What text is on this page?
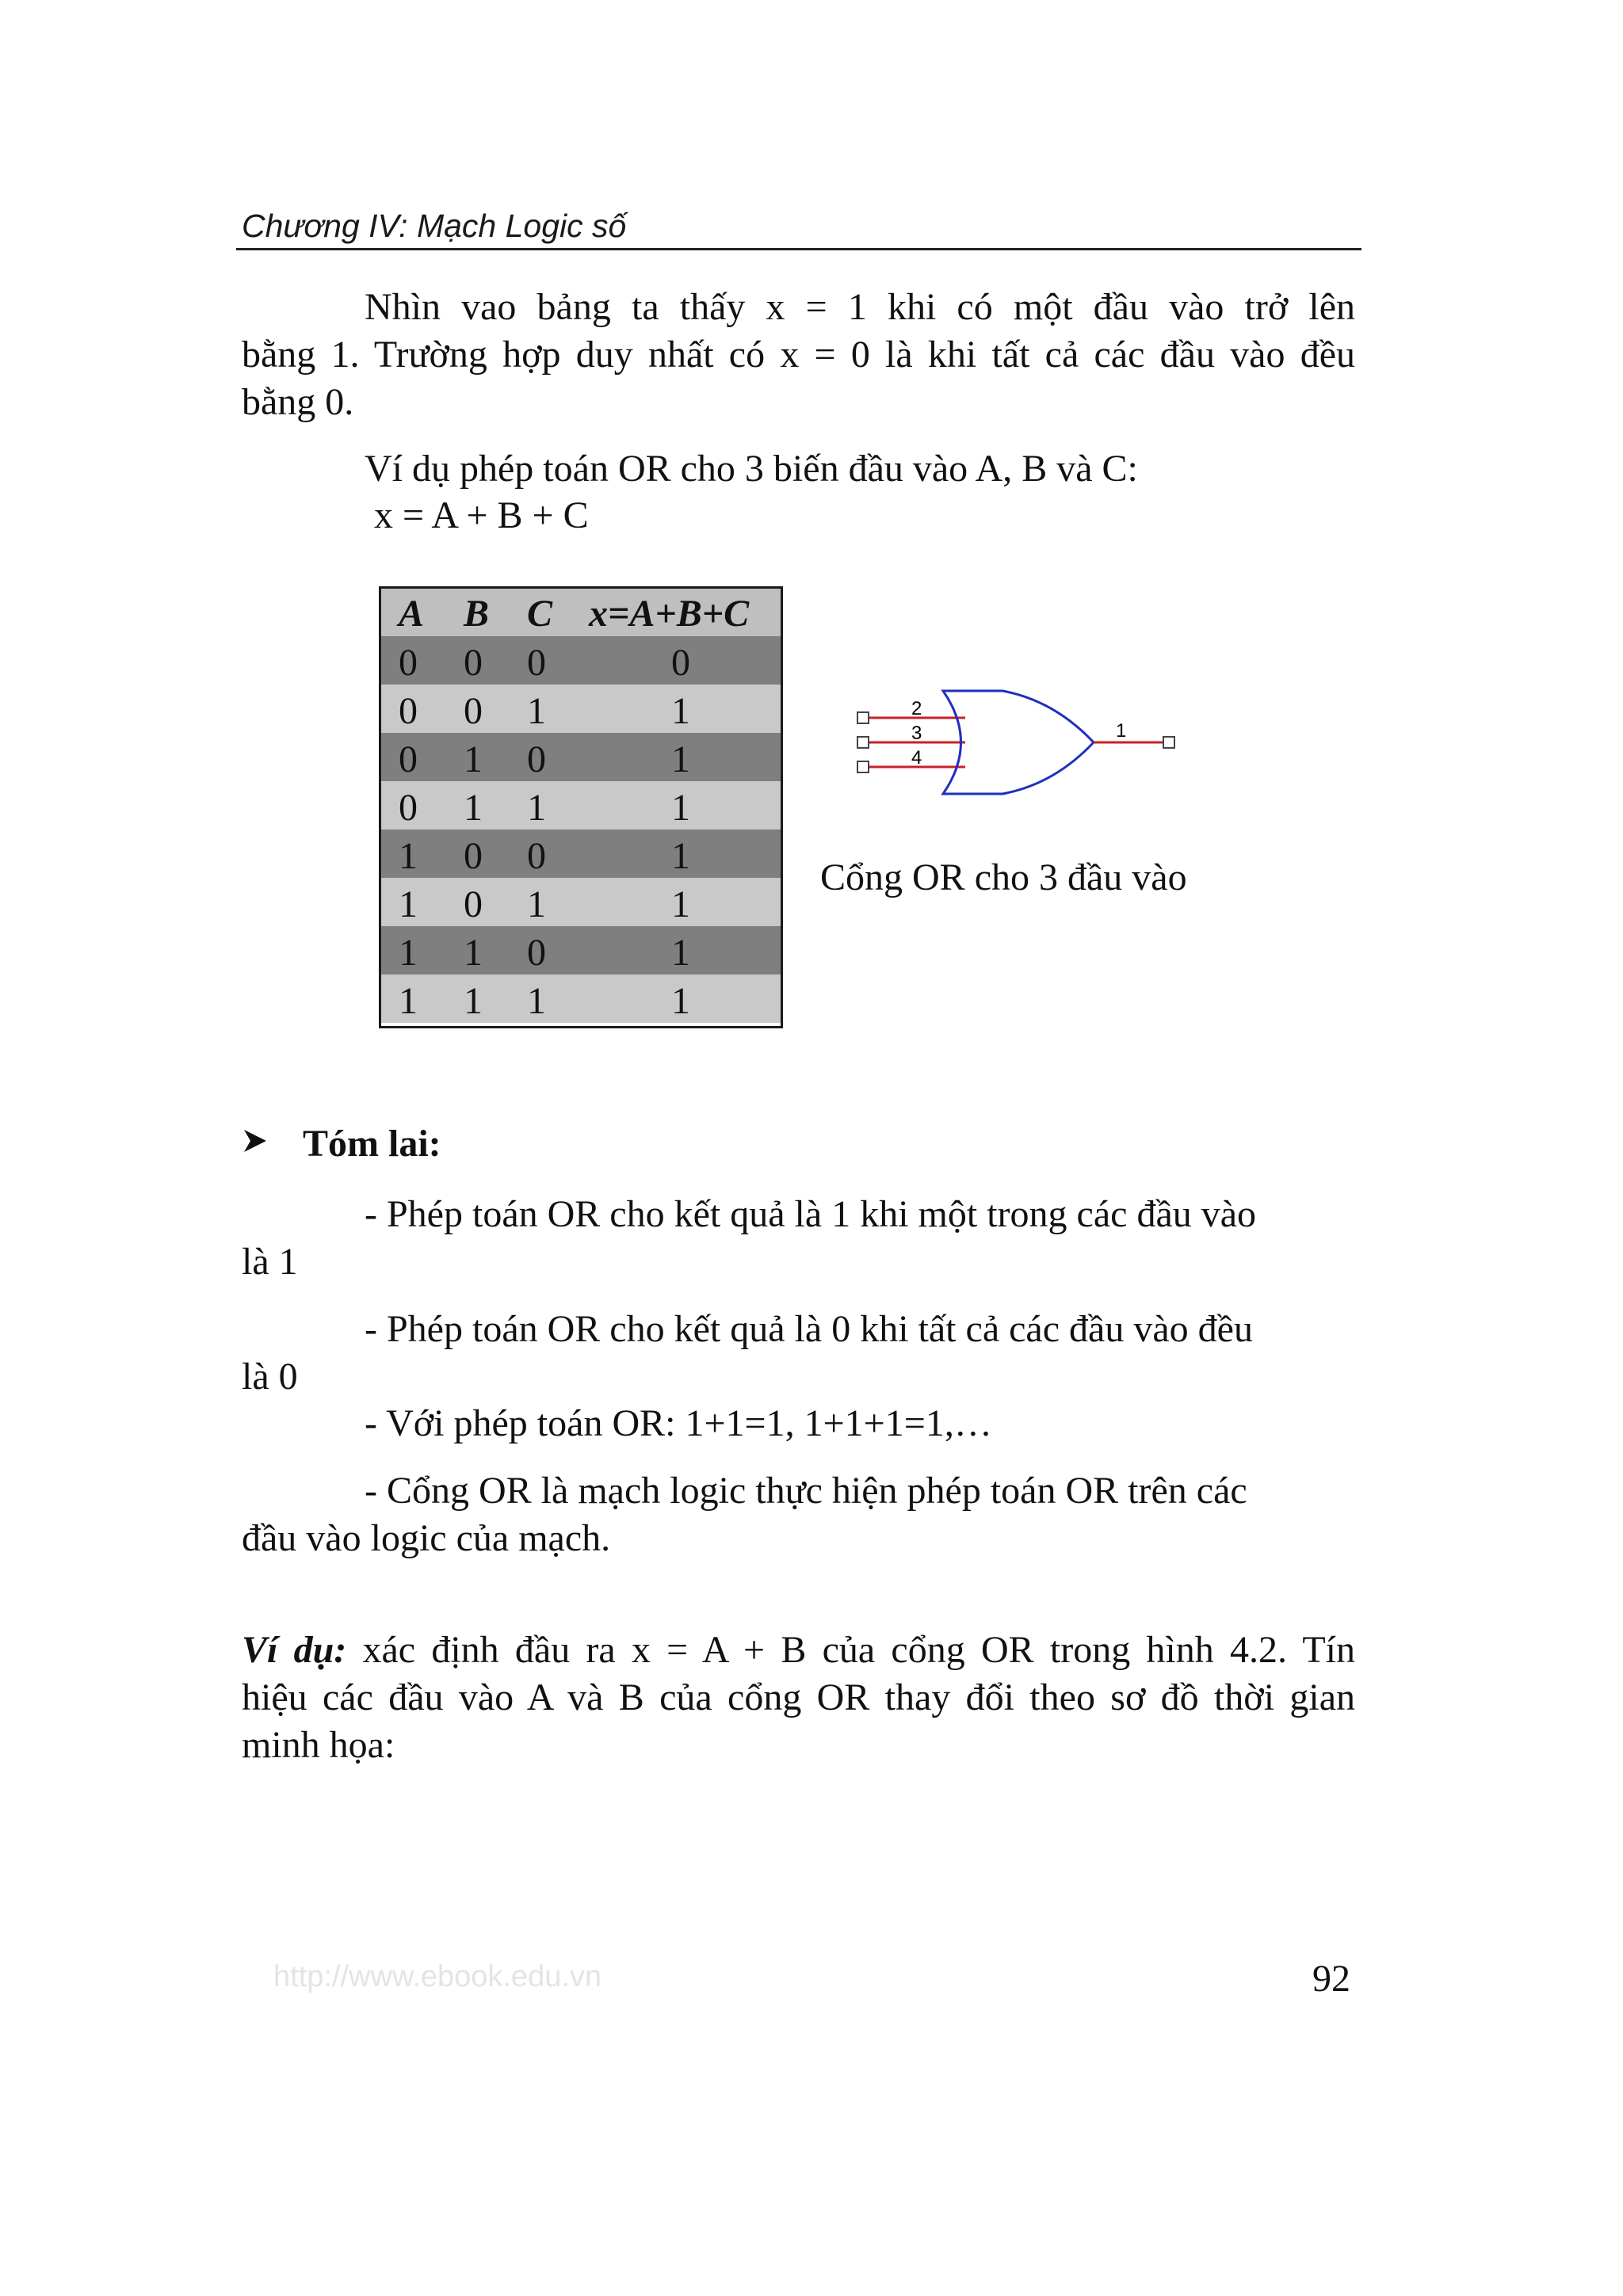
Chương IV: Mạch Logic số

Nhìn vao bảng ta thấy x = 1 khi có một đầu vào trở lên

bằng 1. Trường hợp duy nhất có x = 0 là khi tất cả các đầu vào đều

bằng 0.

Ví dụ phép toán OR cho 3 biến đầu vào A, B và C:

x = A + B + C

A B C x=A+B+C
0 0 0	0
0 0 1	1
0 1 0	1
0 1 1	1
1 0 0	1
1 0 1	1
1 1 0	1
1 1 1	1
2
3
4
1
Cổng OR cho 3 đầu vào
Tóm lai:

- Phép toán OR cho kết quả là 1 khi một trong các đầu vào

là 1

- Phép toán OR cho kết quả là 0 khi tất cả các đầu vào đều

là 0

- Với phép toán OR: 1+1=1, 1+1+1=1,…

- Cổng OR là mạch logic thực hiện phép toán OR trên các

đầu vào logic của mạch.

Ví dụ: xác định đầu ra x = A + B của cổng OR trong hình 4.2. Tín

hiệu các đầu vào A và B của cổng OR thay đổi theo sơ đồ thời gian

minh họa:

http://www.ebook.edu.vn	92
